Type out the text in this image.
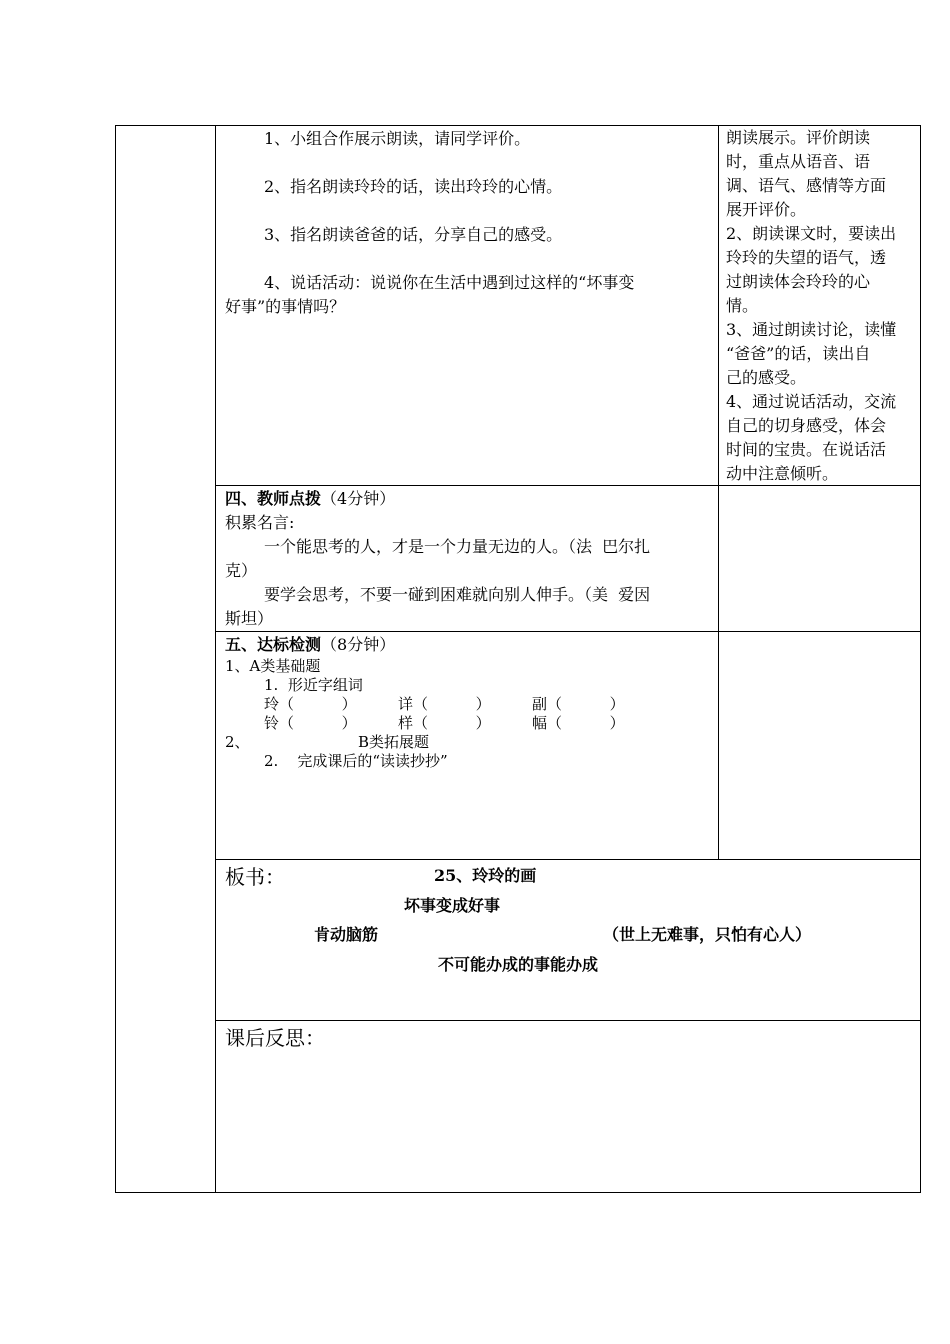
1、小组合作展示朗读，请同学评价。
2、指名朗读玲玲的话，读出玲玲的心情。
3、指名朗读爸爸的话，分享自己的感受。
4、说话活动：说说你在生活中遇到过这样的“坏事变
好事”的事情吗？
朗读展示。评价朗读
时，重点从语音、语
调、语气、感情等方面
展开评价。
2、朗读课文时，要读出
玲玲的失望的语气，透
过朗读体会玲玲的心
情。
3、通过朗读讨论，读懂
“爸爸”的话，读出自
己的感受。
4、通过说话活动，交流
自己的切身感受，体会
时间的宝贵。在说话活
动中注意倾听。
四、教师点拨（4分钟）
积累名言:
一个能思考的人，才是一个力量无边的人。（法  巴尔扎
克）
要学会思考，不要一碰到困难就向别人伸手。（美  爱因
斯坦）
五、达标检测（8分钟）
1、A类基础题
1.  形近字组词
玲（          ）	详（          ）	副（          ）
铃（          ）	样（          ）	幅（          ）
2、	B类拓展题
2.    完成课后的“读读抄抄”
板书：	25、玲玲的画
坏事变成好事
肯动脑筋	（世上无难事，只怕有心人）
不可能办成的事能办成
课后反思：
